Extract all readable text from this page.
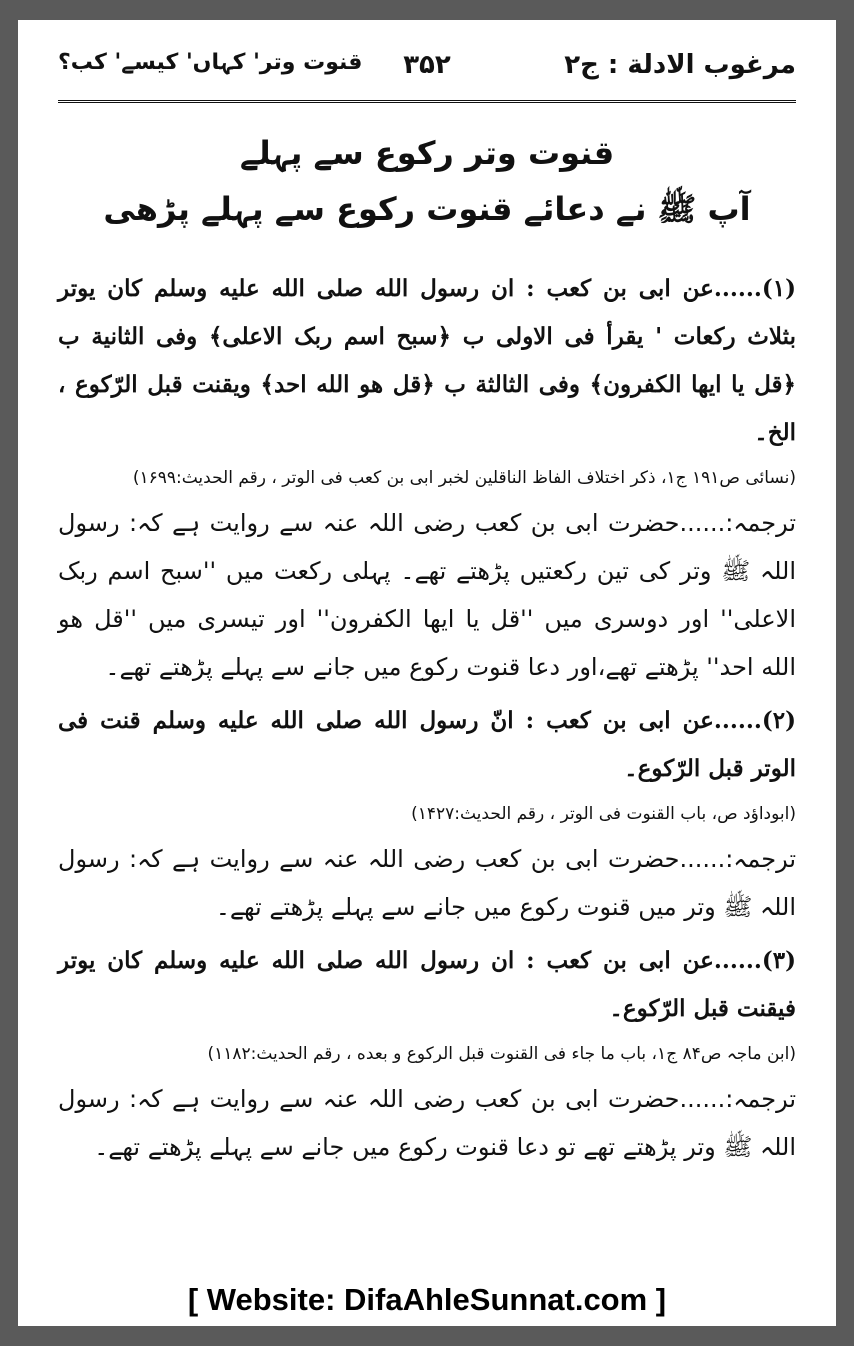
مرغوب الادلة : ج۲
۳۵۲
قنوت وتر' کہاں' کیسے' کب؟
قنوت وتر رکوع سے پہلے
آپ ﷺ نے دعائے قنوت رکوع سے پہلے پڑھی

(۱)......عن ابی بن کعب : ان رسول الله صلی الله علیه وسلم کان یوتر بثلاث رکعات ' یقرأ فی الاولی ب ﴿سبح اسم ربک الاعلی﴾ وفی الثانیة ب ﴿قل یا ایها الکفرون﴾ وفی الثالثة ب ﴿قل هو الله احد﴾ ویقنت قبل الرّکوع ، الخ۔

(نسائی ص۱۹۱ ج۱، ذکر اختلاف الفاظ الناقلین لخبر ابی بن کعب فی الوتر ، رقم الحدیث:۱۶۹۹)

ترجمہ:......حضرت ابی بن کعب رضی اللہ عنہ سے روایت ہے کہ: رسول اللہ ﷺ وتر کی تین رکعتیں پڑھتے تھے۔ پہلی رکعت میں ''سبح اسم ربک الاعلی'' اور دوسری میں ''قل یا ایها الکفرون'' اور تیسری میں ''قل هو الله احد'' پڑھتے تھے،اور دعا قنوت رکوع میں جانے سے پہلے پڑھتے تھے۔

(۲)......عن ابی بن کعب : انّ رسول الله صلی الله علیه وسلم قنت فی الوتر قبل الرّکوع۔

(ابوداؤد ص، باب القنوت فی الوتر ، رقم الحدیث:۱۴۲۷)

ترجمہ:......حضرت ابی بن کعب رضی اللہ عنہ سے روایت ہے کہ: رسول اللہ ﷺ وتر میں قنوت رکوع میں جانے سے پہلے پڑھتے تھے۔

(۳)......عن ابی بن کعب : ان رسول الله صلی الله علیه وسلم کان یوتر فیقنت قبل الرّکوع۔

(ابن ماجہ ص۸۴ ج۱، باب ما جاء فی القنوت قبل الرکوع و بعده ، رقم الحدیث:۱۱۸۲)

ترجمہ:......حضرت ابی بن کعب رضی اللہ عنہ سے روایت ہے کہ: رسول اللہ ﷺ وتر پڑھتے تھے تو دعا قنوت رکوع میں جانے سے پہلے پڑھتے تھے۔

[ Website: DifaAhleSunnat.com ]
